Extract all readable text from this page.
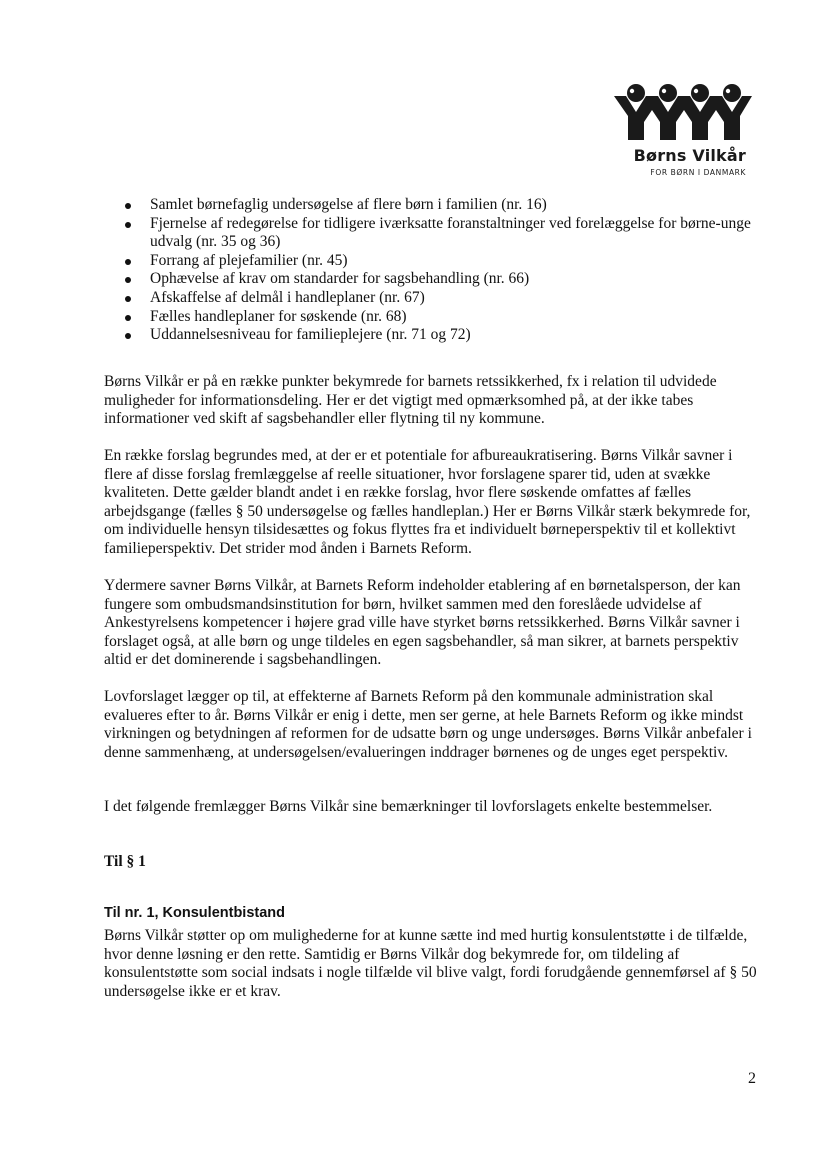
Børns Vilkår
FOR BØRN I DANMARK
Samlet børnefaglig undersøgelse af flere børn i familien (nr. 16)
Fjernelse af redegørelse for tidligere iværksatte foranstaltninger ved forelæggelse for børne-unge udvalg (nr. 35 og 36)
Forrang af plejefamilier (nr. 45)
Ophævelse af krav om standarder for sagsbehandling (nr. 66)
Afskaffelse af delmål i handleplaner (nr. 67)
Fælles handleplaner for søskende (nr. 68)
Uddannelsesniveau for familieplejere (nr. 71 og 72)

Børns Vilkår er på en række punkter bekymrede for barnets retssikkerhed, fx i relation til udvidede muligheder for informationsdeling. Her er det vigtigt med opmærksomhed på, at der ikke tabes informationer ved skift af sagsbehandler eller flytning til ny kommune.

En række forslag begrundes med, at der er et potentiale for afbureaukratisering. Børns Vilkår savner i flere af disse forslag fremlæggelse af reelle situationer, hvor forslagene sparer tid, uden at svække kvaliteten. Dette gælder blandt andet i en række forslag, hvor flere søskende omfattes af fælles arbejdsgange (fælles § 50 undersøgelse og fælles handleplan.) Her er Børns Vilkår stærk bekymrede for, om individuelle hensyn tilsidesættes og fokus flyttes fra et individuelt børneperspektiv til et kollektivt familieperspektiv. Det strider mod ånden i Barnets Reform.

Ydermere savner Børns Vilkår, at Barnets Reform indeholder etablering af en børnetalsperson, der kan fungere som ombudsmandsinstitution for børn, hvilket sammen med den foreslåede udvidelse af Ankestyrelsens kompetencer i højere grad ville have styrket børns retssikkerhed. Børns Vilkår savner i forslaget også, at alle børn og unge tildeles en egen sagsbehandler, så man sikrer, at barnets perspektiv altid er det dominerende i sagsbehandlingen.

Lovforslaget lægger op til, at effekterne af Barnets Reform på den kommunale administration skal evalueres efter to år. Børns Vilkår er enig i dette, men ser gerne, at hele Barnets Reform og ikke mindst virkningen og betydningen af reformen for de udsatte børn og unge undersøges. Børns Vilkår anbefaler i denne sammenhæng, at undersøgelsen/evalueringen inddrager børnenes og de unges eget perspektiv.

I det følgende fremlægger Børns Vilkår sine bemærkninger til lovforslagets enkelte bestemmelser.

Til § 1
Til nr. 1, Konsulentbistand

Børns Vilkår støtter op om mulighederne for at kunne sætte ind med hurtig konsulentstøtte i de tilfælde, hvor denne løsning er den rette. Samtidig er Børns Vilkår dog bekymrede for, om tildeling af konsulentstøtte som social indsats i nogle tilfælde vil blive valgt, fordi forudgående gennemførsel af § 50 undersøgelse ikke er et krav.

2
